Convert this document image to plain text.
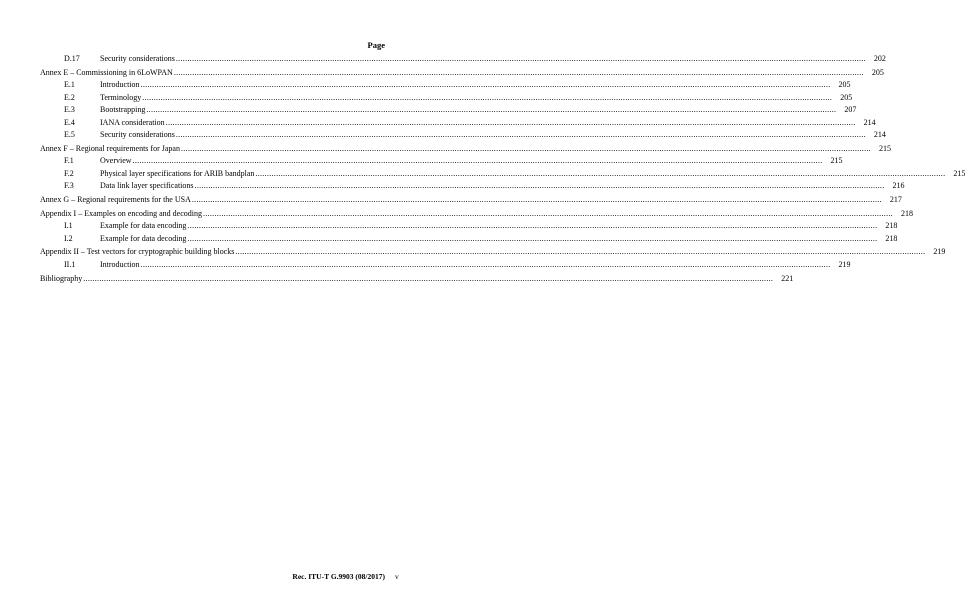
Page
D.17	Security considerations ............................................................................................................................................................................................................................................................................................................	202
Annex E – Commissioning in 6LoWPAN ............................................................................................................................................................................................................................................................................................................	205
E.1	Introduction ............................................................................................................................................................................................................................................................................................................	205
E.2	Terminology ............................................................................................................................................................................................................................................................................................................	205
E.3	Bootstrapping ............................................................................................................................................................................................................................................................................................................	207
E.4	IANA consideration ............................................................................................................................................................................................................................................................................................................	214
E.5	Security considerations ............................................................................................................................................................................................................................................................................................................	214
Annex F – Regional requirements for Japan ............................................................................................................................................................................................................................................................................................................	215
F.1	Overview ............................................................................................................................................................................................................................................................................................................	215
F.2	Physical layer specifications for ARIB bandplan ............................................................................................................................................................................................................................................................................................................	215
F.3	Data link layer specifications ............................................................................................................................................................................................................................................................................................................	216
Annex G – Regional requirements for the USA ............................................................................................................................................................................................................................................................................................................	217
Appendix I – Examples on encoding and decoding ............................................................................................................................................................................................................................................................................................................	218
I.1	Example for data encoding ............................................................................................................................................................................................................................................................................................................	218
I.2	Example for data decoding ............................................................................................................................................................................................................................................................................................................	218
Appendix II – Test vectors for cryptographic building blocks ............................................................................................................................................................................................................................................................................................................	219
II.1	Introduction ............................................................................................................................................................................................................................................................................................................	219
Bibliography ............................................................................................................................................................................................................................................................................................................	221
Rec. ITU-T G.9903 (08/2017) v
